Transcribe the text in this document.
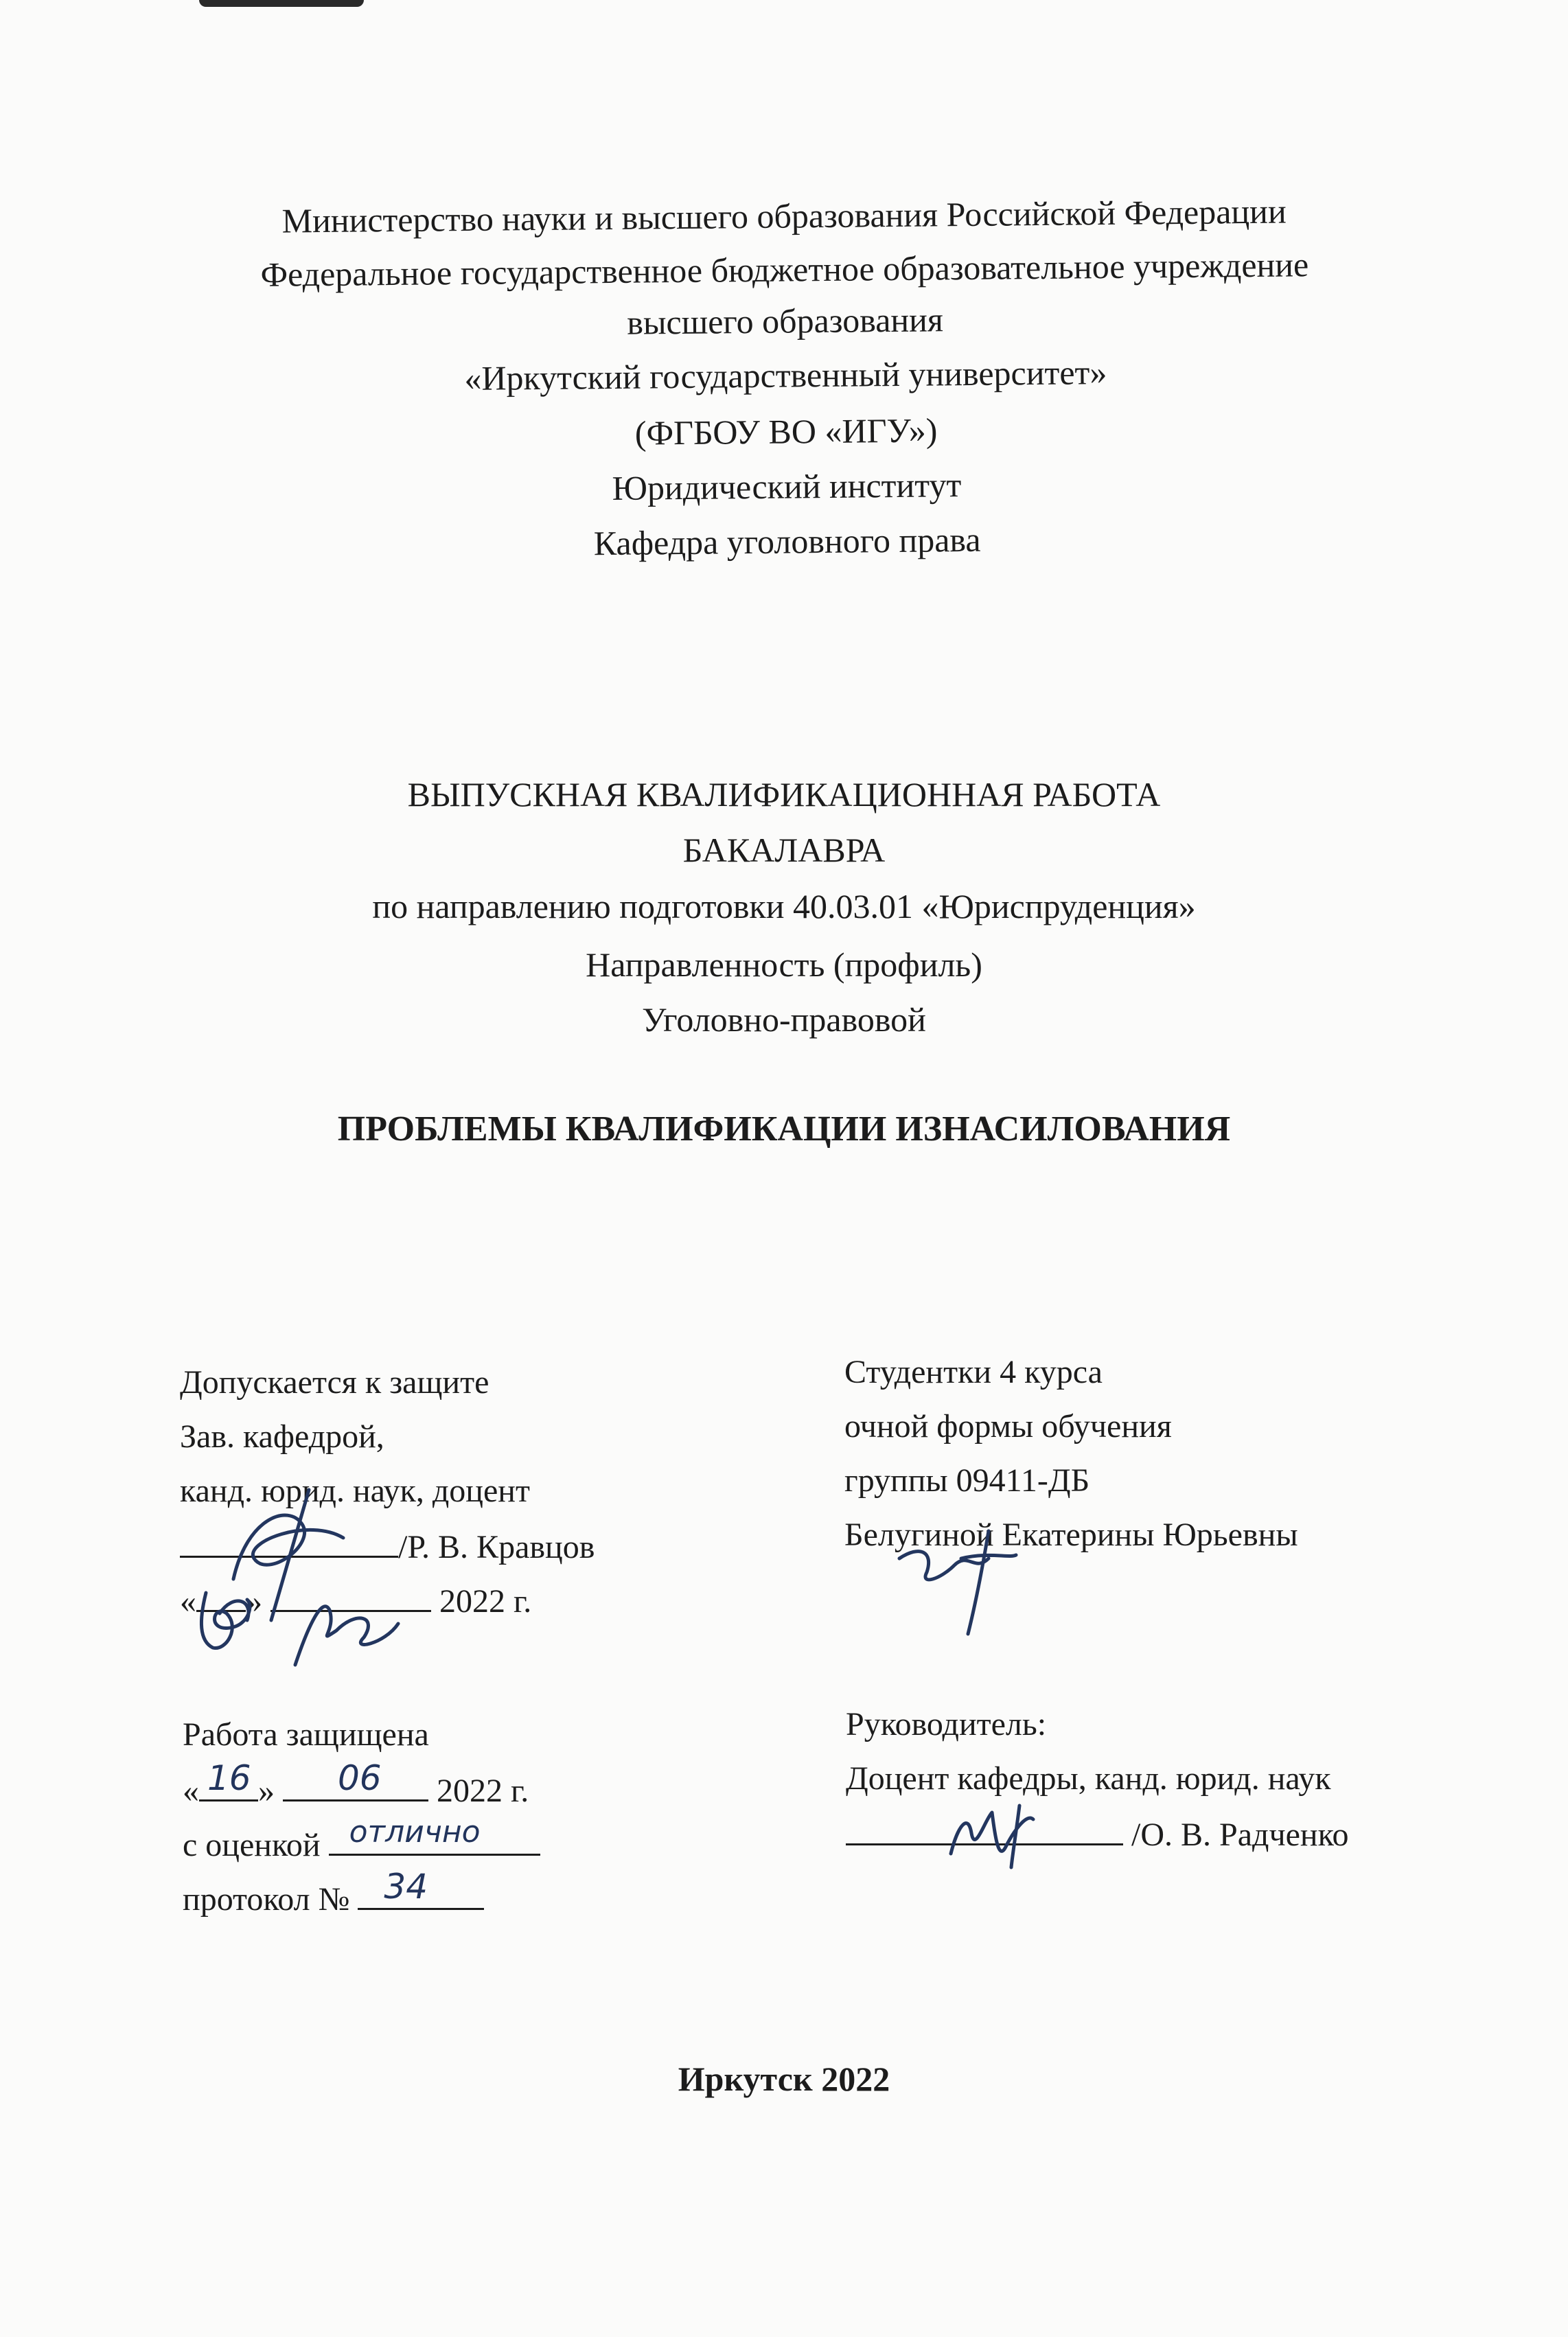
Министерство науки и высшего образования Российской Федерации
Федеральное государственное бюджетное образовательное учреждение
высшего образования
«Иркутский государственный университет»
(ФГБОУ ВО «ИГУ»)
Юридический институт
Кафедра уголовного права
ВЫПУСКНАЯ КВАЛИФИКАЦИОННАЯ РАБОТА
БАКАЛАВРА
по направлению подготовки 40.03.01 «Юриспруденция»
Направленность (профиль)
Уголовно-правовой
ПРОБЛЕМЫ КВАЛИФИКАЦИИ ИЗНАСИЛОВАНИЯ
Допускается к защите
Зав. кафедрой,
канд. юрид. наук, доцент
/Р. В. Кравцов
« »	2022 г.
Студентки 4 курса
очной формы обучения
группы 09411-ДБ
Белугиной Екатерины Юрьевны
Работа защищена
« 16 » 06 2022 г.
с оценкой отлично
протокол № 34
Руководитель:
Доцент кафедры, канд. юрид. наук
/О. В. Радченко
Иркутск 2022
